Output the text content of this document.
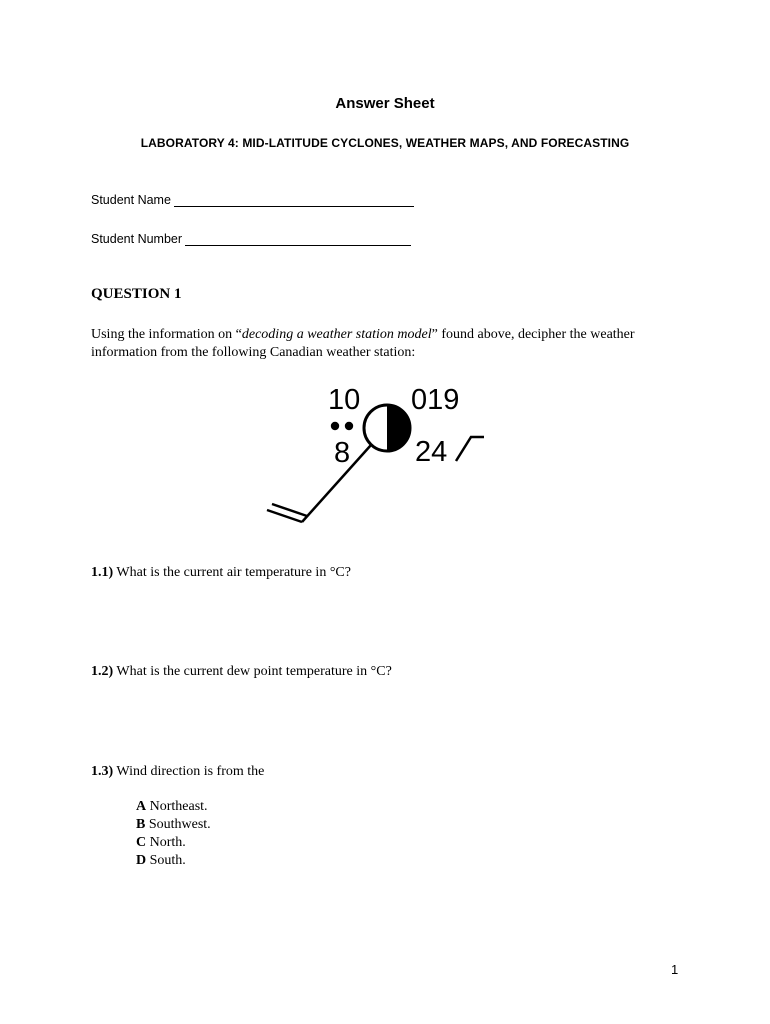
Answer Sheet
LABORATORY 4: MID-LATITUDE CYCLONES, WEATHER MAPS, AND FORECASTING
Student Name
Student Number
QUESTION 1
Using the information on “decoding a weather station model” found above, decipher the weather information from the following Canadian weather station:
10 019
8 24
1.1) What is the current air temperature in °C?
1.2) What is the current dew point temperature in °C?
1.3) Wind direction is from the
A Northeast.
B Southwest.
C North.
D South.
1
